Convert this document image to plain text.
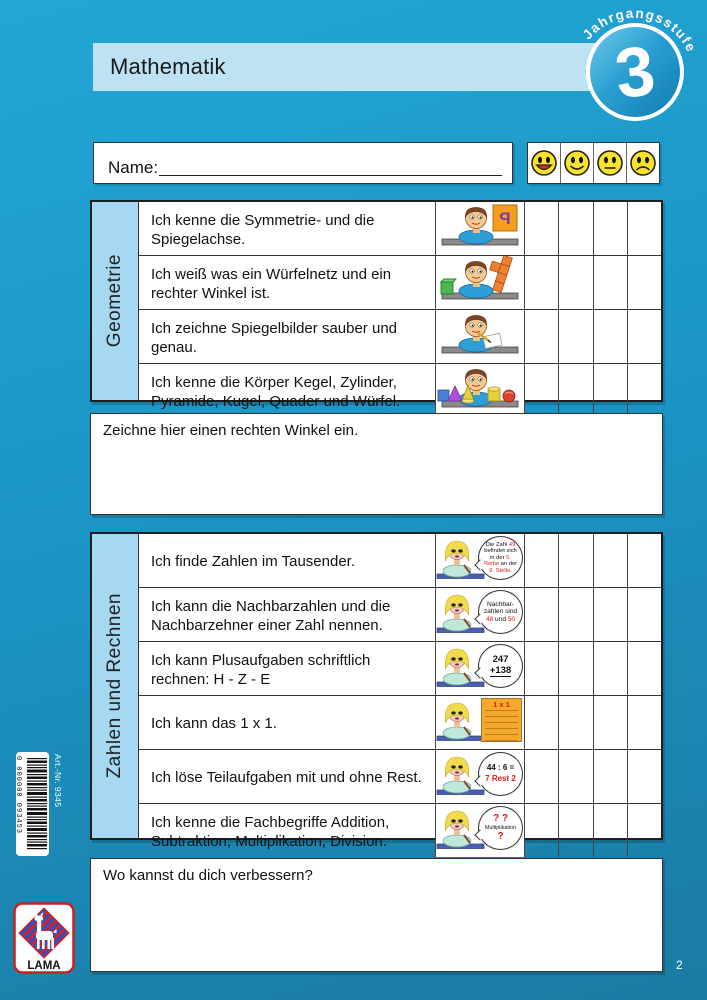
Mathematik
Jahrgangsstufe
3
Name:
Geometrie
Ich kenne die Symmetrie- und die Spiegelachse.
P
Ich weiß was ein Würfelnetz und ein rechter Winkel ist.
Ich zeichne Spiegelbilder sauber und genau.
Ich kenne die Körper Kegel, Zylinder, Pyramide, Kugel, Quader und Würfel.
Zeichne hier einen rechten Winkel ein.
Zahlen und Rechnen
Ich finde Zahlen im Tausender.
Die Zahl 49 befindet sich in der 5. Reihe an der 9. Stelle.
Ich kann die Nachbarzahlen und die Nachbarzehner einer Zahl nennen.
Nachbar-zahlen sind 48 und 50
Ich kann Plusaufgaben schriftlich rechnen: H - Z - E
247
+138
Ich kann das 1 x 1.
1 x 1
Ich löse Teilaufgaben mit und ohne Rest.
44 : 6 =
7 Rest 2
Ich kenne die Fachbegriffe Addition, Subtraktion, Multiplikation, Division.
? ?
Multiplikation
?
Wo kannst du dich verbessern?
0 000000 093453	Art.-Nr. 9345
LAMA	2
